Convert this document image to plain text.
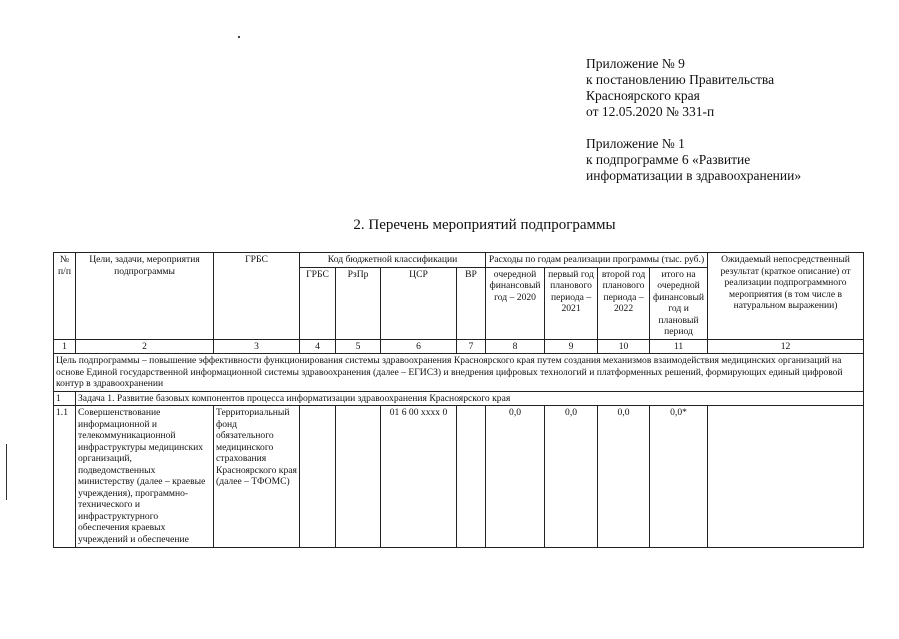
Приложение № 9
к постановлению Правительства
Красноярского края
от 12.05.2020 № 331-п
Приложение № 1
к подпрограмме 6 «Развитие
информатизации в здравоохранении»
2. Перечень мероприятий подпрограммы
№ п/п	Цели, задачи, мероприятия подпрограммы	ГРБС	Код бюджетной классификации				Расходы по годам реализации программы (тыс. руб.)				Ожидаемый непосредственный результат (краткое описание) от реализации подпрограммного мероприятия (в том числе в натуральном выражении)
			ГРБС	РзПр	ЦСР	ВР	очередной финансовый год – 2020	первый год планового периода – 2021	второй год планового периода – 2022	итого на очередной финансовый год и плановый период	
1	2	3	4	5	6	7	8	9	10	11	12
Цель подпрограммы – повышение эффективности функционирования системы здравоохранения Красноярского края путем создания механизмов взаимодействия медицинских организаций на основе Единой государственной информационной системы здравоохранения (далее – ЕГИСЗ) и внедрения цифровых технологий и платформенных решений, формирующих единый цифровой контур в здравоохранении											
1	Задача 1. Развитие базовых компонентов процесса информатизации здравоохранения Красноярского края										
1.1	Совершенствование информационной и телекоммуникационной инфраструктуры медицинских организаций, подведомственных министерству (далее – краевые учреждения), программно-технического и инфраструктурного обеспечения краевых учреждений и обеспечение	Территориальный фонд обязательного медицинского страхования Красноярского края (далее – ТФОМС)			01 6 00 хххх 0		0,0	0,0	0,0	0,0*	
